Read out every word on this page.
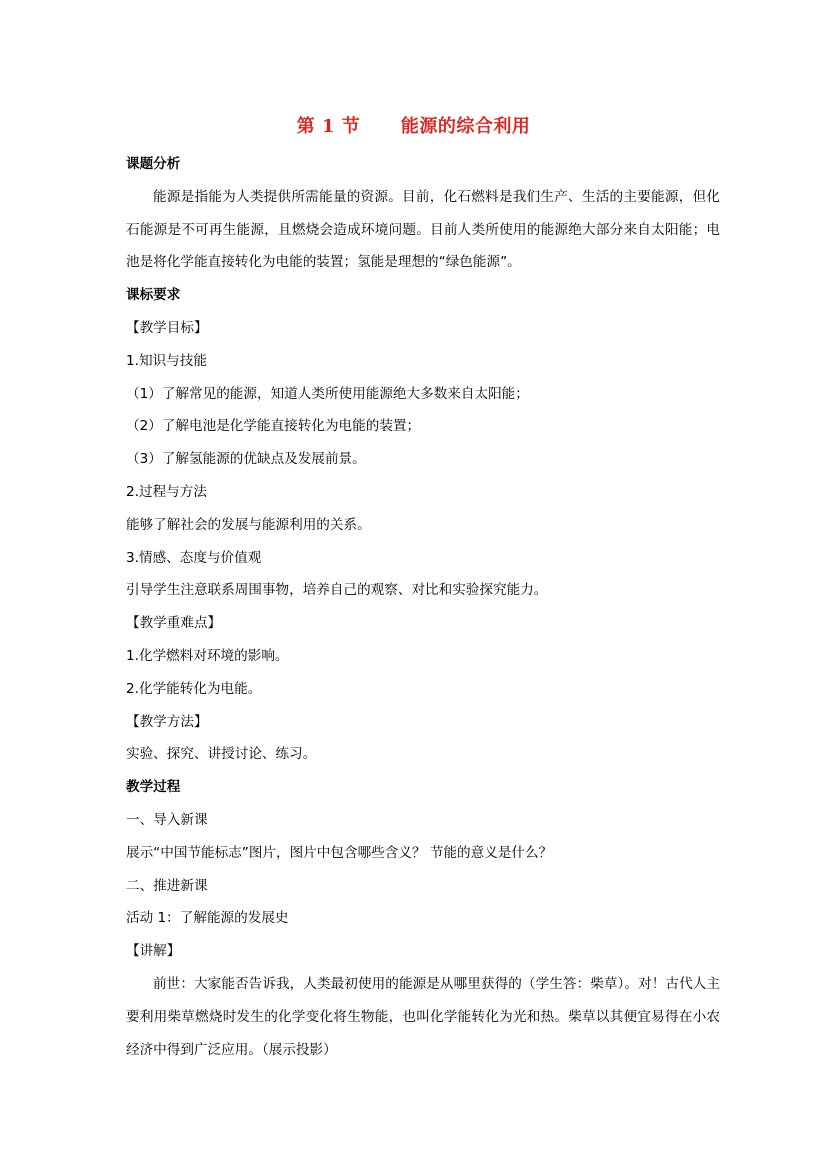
第 1 节      能源的综合利用
课题分析
能源是指能为人类提供所需能量的资源。目前，化石燃料是我们生产、生活的主要能源，但化石能源是不可再生能源，且燃烧会造成环境问题。目前人类所使用的能源绝大部分来自太阳能；电池是将化学能直接转化为电能的装置；氢能是理想的“绿色能源”。
课标要求
【教学目标】
1.知识与技能
（1）了解常见的能源，知道人类所使用能源绝大多数来自太阳能；
（2）了解电池是化学能直接转化为电能的装置；
（3）了解氢能源的优缺点及发展前景。
2.过程与方法
能够了解社会的发展与能源利用的关系。
3.情感、态度与价值观
引导学生注意联系周围事物，培养自己的观察、对比和实验探究能力。
【教学重难点】
1.化学燃料对环境的影响。
2.化学能转化为电能。
【教学方法】
实验、探究、讲授讨论、练习。
教学过程
一、导入新课
展示“中国节能标志”图片，图片中包含哪些含义？ 节能的意义是什么？
二、推进新课
活动 1：了解能源的发展史
【讲解】
前世：大家能否告诉我，人类最初使用的能源是从哪里获得的（学生答：柴草）。对！古代人主要利用柴草燃烧时发生的化学变化将生物能，也叫化学能转化为光和热。柴草以其便宜易得在小农经济中得到广泛应用。（展示投影）
